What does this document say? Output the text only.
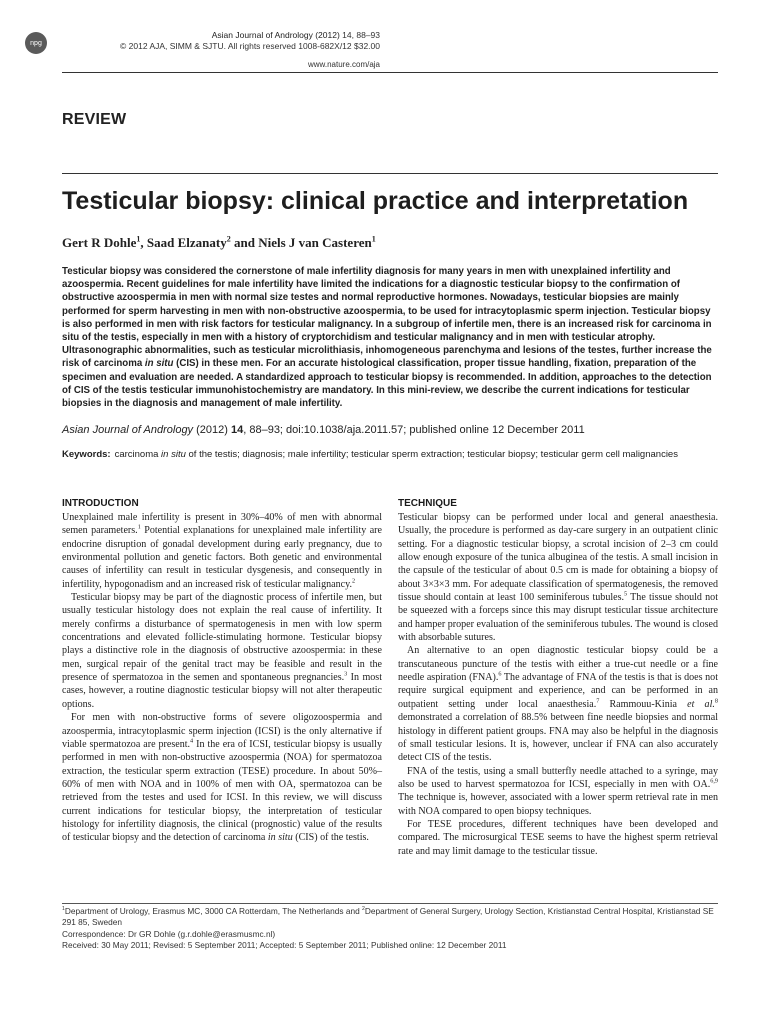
npg
Asian Journal of Andrology (2012) 14, 88–93
© 2012 AJA, SIMM & SJTU. All rights reserved 1008-682X/12 $32.00
www.nature.com/aja
REVIEW
Testicular biopsy: clinical practice and interpretation
Gert R Dohle$^1$, Saad Elzanaty$^2$ and Niels J van Casteren$^1$

Testicular biopsy was considered the cornerstone of male infertility diagnosis for many years in men with unexplained infertility and azoospermia. Recent guidelines for male infertility have limited the indications for a diagnostic testicular biopsy to the confirmation of obstructive azoospermia in men with normal size testes and normal reproductive hormones. Nowadays, testicular biopsies are mainly performed for sperm harvesting in men with non-obstructive azoospermia, to be used for intracytoplasmic sperm injection. Testicular biopsy is also performed in men with risk factors for testicular malignancy. In a subgroup of infertile men, there is an increased risk for carcinoma in situ of the testis, especially in men with a history of cryptorchidism and testicular malignancy and in men with testicular atrophy. Ultrasonographic abnormalities, such as testicular microlithiasis, inhomogeneous parenchyma and lesions of the testes, further increase the risk of carcinoma in situ (CIS) in these men. For an accurate histological classification, proper tissue handling, fixation, preparation of the specimen and evaluation are needed. A standardized approach to testicular biopsy is recommended. In addition, approaches to the detection of CIS of the testis testicular immunohistochemistry are mandatory. In this mini-review, we describe the current indications for testicular biopsies in the diagnosis and management of male infertility.

Asian Journal of Andrology (2012) 14, 88–93; doi:10.1038/aja.2011.57; published online 12 December 2011
Keywords: carcinoma in situ of the testis; diagnosis; male infertility; testicular sperm extraction; testicular biopsy; testicular germ cell malignancies
INTRODUCTION

Unexplained male infertility is present in 30%–40% of men with abnormal semen parameters.$^1$ Potential explanations for unexplained male infertility are endocrine disruption of gonadal development during early pregnancy, due to environmental pollution and genetic factors. Both genetic and environmental causes of infertility can result in testicular dysgenesis, and consequently in infertility, hypogonadism and an increased risk of testicular malignancy.$^2$

Testicular biopsy may be part of the diagnostic process of infertile men, but usually testicular histology does not explain the real cause of infertility. It merely confirms a disturbance of spermatogenesis in men with low sperm concentrations and elevated follicle-stimulating hormone. Testicular biopsy plays a distinctive role in the diagnosis of obstructive azoospermia: in these men, surgical repair of the genital tract may be feasible and result in the presence of spermatozoa in the semen and spontaneous pregnancies.$^3$ In most cases, however, a routine diagnostic testicular biopsy will not alter therapeutic options.

For men with non-obstructive forms of severe oligozoospermia and azoospermia, intracytoplasmic sperm injection (ICSI) is the only alternative if viable spermatozoa are present.$^4$ In the era of ICSI, testicular biopsy is usually performed in men with non-obstructive azoospermia (NOA) for spermatozoa extraction, the testicular sperm extraction (TESE) procedure. In about 50%–60% of men with NOA and in 100% of men with OA, spermatozoa can be retrieved from the testes and used for ICSI. In this review, we will discuss current indications for testicular biopsy, the interpretation of testicular histology for infertility diagnosis, the clinical (prognostic) value of the results of testicular biopsy and the detection of carcinoma in situ (CIS) of the testis.

TECHNIQUE

Testicular biopsy can be performed under local and general anaesthesia. Usually, the procedure is performed as day-care surgery in an outpatient clinic setting. For a diagnostic testicular biopsy, a scrotal incision of 2–3 cm could allow enough exposure of the tunica albuginea of the testis. A small incision in the capsule of the testicular of about 0.5 cm is made for obtaining a biopsy of about 3×3×3 mm. For adequate classification of spermatogenesis, the removed tissue should contain at least 100 seminiferous tubules.$^5$ The tissue should not be squeezed with a forceps since this may disrupt testicular tissue architecture and hamper proper evaluation of the seminiferous tubules. The wound is closed with absorbable sutures.

An alternative to an open diagnostic testicular biopsy could be a transcutaneous puncture of the testis with either a true-cut needle or a fine needle aspiration (FNA).$^6$ The advantage of FNA of the testis is that is does not require surgical equipment and experience, and can be performed in an outpatient setting under local anaesthesia.$^7$ Rammouu-Kinia et al.$^8$ demonstrated a correlation of 88.5% between fine needle biopsies and normal histology in different patient groups. FNA may also be helpful in the diagnosis of small testicular lesions. It is, however, unclear if FNA can also accurately detect CIS of the testis.

FNA of the testis, using a small butterfly needle attached to a syringe, may also be used to harvest spermatozoa for ICSI, especially in men with OA.$^{6,9}$ The technique is, however, associated with a lower sperm retrieval rate in men with NOA compared to open biopsy techniques.

For TESE procedures, different techniques have been developed and compared. The microsurgical TESE seems to have the highest sperm retrieval rate and may limit damage to the testicular tissue.

$^1$Department of Urology, Erasmus MC, 3000 CA Rotterdam, The Netherlands and $^2$Department of General Surgery, Urology Section, Kristianstad Central Hospital, Kristianstad SE
291 85, Sweden
Correspondence: Dr GR Dohle (g.r.dohle@erasmusmc.nl)
Received: 30 May 2011; Revised: 5 September 2011; Accepted: 5 September 2011; Published online: 12 December 2011
